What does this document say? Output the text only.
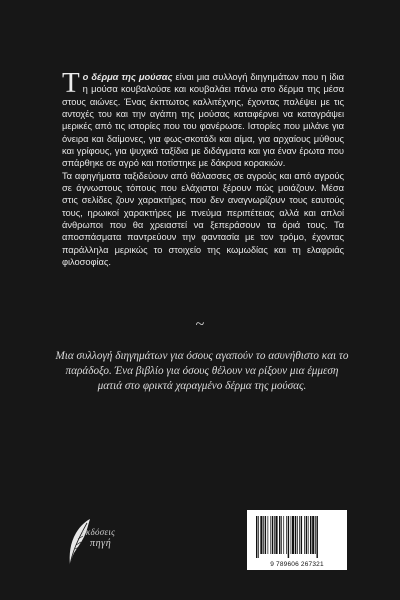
Το δέρμα της μούσας είναι μια συλλογή διηγημάτων που η ίδια η μούσα κουβαλούσε και κουβαλάει πάνω στο δέρμα της μέσα στους αιώνες. Ένας έκπτωτος καλλιτέχνης, έχοντας παλέψει με τις αντοχές του και την αγάπη της μούσας καταφέρνει να καταγράψει μερικές από τις ιστορίες που του φανέρωσε. Ιστορίες που μιλάνε για όνειρα και δαίμονες, για φως-σκοτάδι και αίμα, για αρχαίους μύθους και γρίφους, για ψυχικά ταξίδια με διδάγματα και για έναν έρωτα που σπάρθηκε σε αγρό και ποτίστηκε με δάκρυα κορακιών.

Τα αφηγήματα ταξιδεύουν από θάλασσες σε αγρούς και από αγρούς σε άγνωστους τόπους που ελάχιστοι ξέρουν πώς μοιάζουν. Μέσα στις σελίδες ζουν χαρακτήρες που δεν αναγνωρίζουν τους εαυτούς τους, ηρωικοί χαρακτήρες με πνεύμα περιπέτειας αλλά και απλοί άνθρωποι που θα χρειαστεί να ξεπεράσουν τα όριά τους. Τα αποσπάσματα παντρεύουν την φαντασία με τον τρόμο, έχοντας παράλληλα μερικώς το στοιχείο της κωμωδίας και τη ελαφριάς φιλοσοφίας.

~
Μια συλλογή διηγημάτων για όσους αγαπούν το ασυνήθιστο και το παράδοξο. Ένα βιβλίο για όσους θέλουν να ρίξουν μια έμμεση ματιά στο φρικτά χαραγμένο δέρμα της μούσας.
εκδόσεις
πηγή
9 789606 267321
